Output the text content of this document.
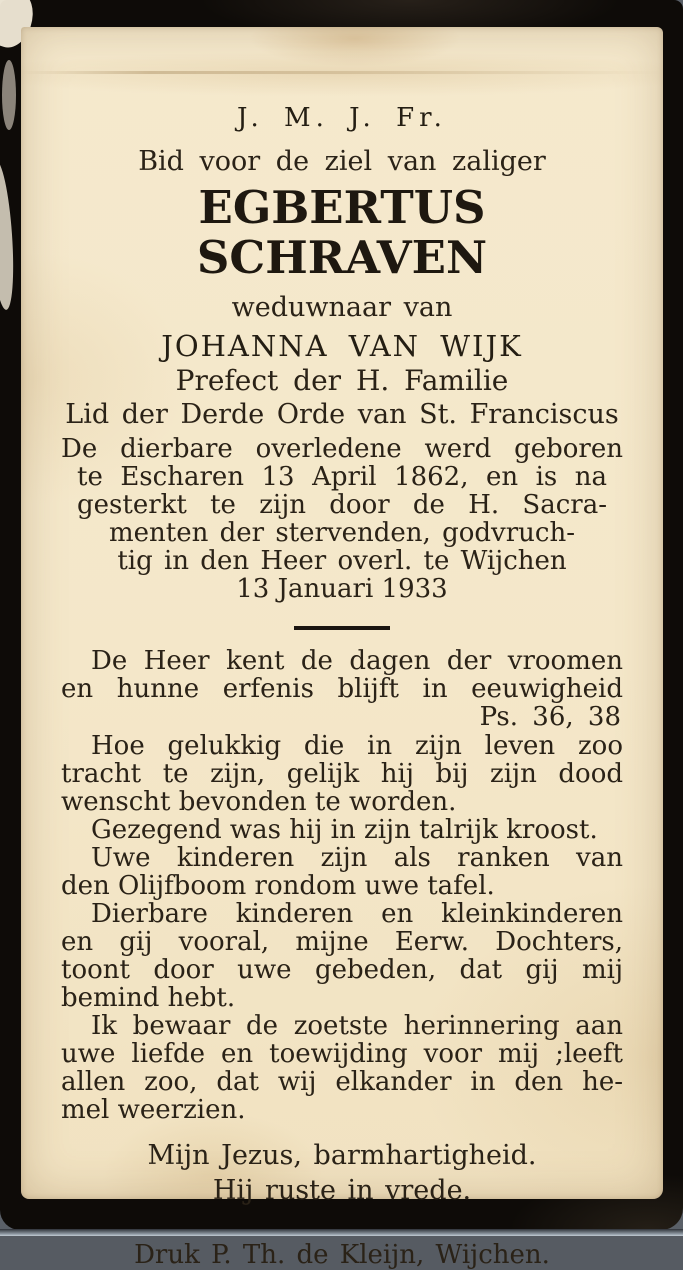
J. M. J. Fr.
Bid voor de ziel van zaliger
EGBERTUS SCHRAVEN
weduwnaar van
JOHANNA VAN WIJK
Prefect der H. Familie
Lid der Derde Orde van St. Franciscus
De dierbare overledene werd geboren
te Escharen 13 April 1862, en is na
gesterkt te zijn door de H. Sacra-
menten der stervenden, godvruch-
tig in den Heer overl. te Wijchen
13 Januari 1933
De Heer kent de dagen der vroomen
en hunne erfenis blijft in eeuwigheid
Ps. 36, 38
Hoe gelukkig die in zijn leven zoo
tracht te zijn, gelijk hij bij zijn dood
wenscht bevonden te worden.
Gezegend was hij in zijn talrijk kroost.
Uwe kinderen zijn als ranken van
den Olijfboom rondom uwe tafel.
Dierbare kinderen en kleinkinderen
en gij vooral, mijne Eerw. Dochters,
toont door uwe gebeden, dat gij mij
bemind hebt.
Ik bewaar de zoetste herinnering aan
uwe liefde en toewijding voor mij ;leeft
allen zoo, dat wij elkander in den he-
mel weerzien.
Mijn Jezus, barmhartigheid.
Hij ruste in vrede.
Druk P. Th. de Kleijn, Wijchen.
